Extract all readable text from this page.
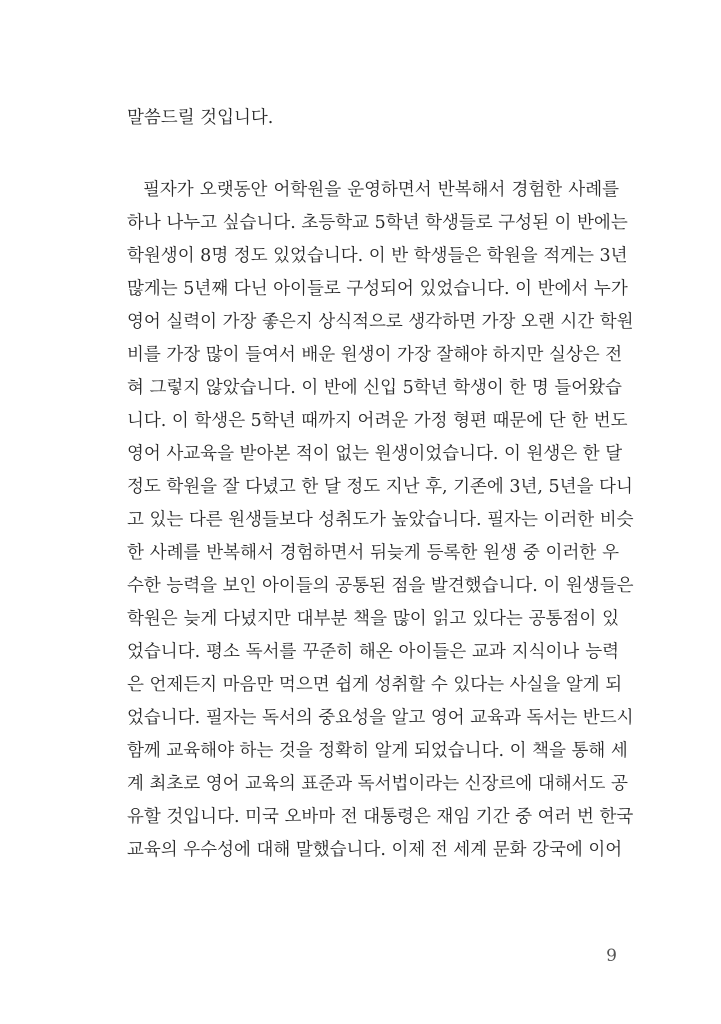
말씀드릴 것입니다.
필자가 오랫동안 어학원을 운영하면서 반복해서 경험한 사례를
하나 나누고 싶습니다. 초등학교 5학년 학생들로 구성된 이 반에는
학원생이 8명 정도 있었습니다. 이 반 학생들은 학원을 적게는 3년
많게는 5년째 다닌 아이들로 구성되어 있었습니다. 이 반에서 누가
영어 실력이 가장 좋은지 상식적으로 생각하면 가장 오랜 시간 학원
비를 가장 많이 들여서 배운 원생이 가장 잘해야 하지만 실상은 전
혀 그렇지 않았습니다. 이 반에 신입 5학년 학생이 한 명 들어왔습
니다. 이 학생은 5학년 때까지 어려운 가정 형편 때문에 단 한 번도
영어 사교육을 받아본 적이 없는 원생이었습니다. 이 원생은 한 달
정도 학원을 잘 다녔고 한 달 정도 지난 후, 기존에 3년, 5년을 다니
고 있는 다른 원생들보다 성취도가 높았습니다. 필자는 이러한 비슷
한 사례를 반복해서 경험하면서 뒤늦게 등록한 원생 중 이러한 우
수한 능력을 보인 아이들의 공통된 점을 발견했습니다. 이 원생들은
학원은 늦게 다녔지만 대부분 책을 많이 읽고 있다는 공통점이 있
었습니다. 평소 독서를 꾸준히 해온 아이들은 교과 지식이나 능력
은 언제든지 마음만 먹으면 쉽게 성취할 수 있다는 사실을 알게 되
었습니다. 필자는 독서의 중요성을 알고 영어 교육과 독서는 반드시
함께 교육해야 하는 것을 정확히 알게 되었습니다. 이 책을 통해 세
계 최초로 영어 교육의 표준과 독서법이라는 신장르에 대해서도 공
유할 것입니다. 미국 오바마 전 대통령은 재임 기간 중 여러 번 한국
교육의 우수성에 대해 말했습니다. 이제 전 세계 문화 강국에 이어
9
